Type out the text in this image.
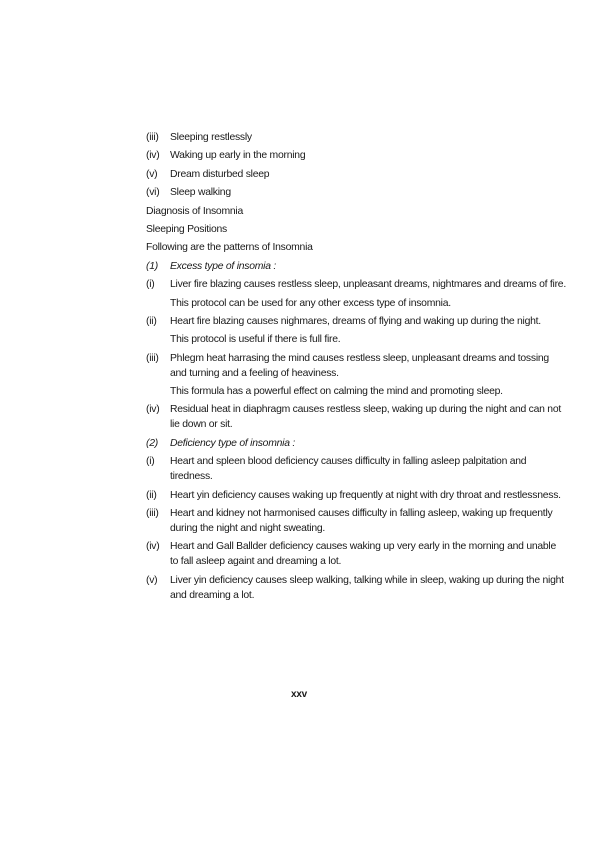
(iii)	Sleeping restlessly
(iv)	Waking up early in the morning
(v)	Dream disturbed sleep
(vi)	Sleep walking
Diagnosis of Insomnia
Sleeping Positions
Following are the patterns of Insomnia
(1)	Excess type of insomia :
(i)	Liver fire blazing causes restless sleep, unpleasant dreams, nightmares and dreams of fire.
This protocol can be used for any other excess type of insomnia.
(ii)	Heart fire blazing causes nighmares, dreams of flying and waking up during the night.
This protocol is useful if there is full fire.
(iii)	Phlegm heat harrasing the mind causes restless sleep, unpleasant dreams and tossing and turning and a feeling of heaviness.
This formula has a powerful effect on calming the mind and promoting sleep.
(iv)	Residual heat in diaphragm causes restless sleep, waking up during the night and can not lie down or sit.
(2)	Deficiency type of insomnia :
(i)	Heart and spleen blood deficiency causes difficulty in falling asleep palpitation and tiredness.
(ii)	Heart yin deficiency causes waking up frequently at night with dry throat and restlessness.
(iii)	Heart and kidney not harmonised causes difficulty in falling asleep, waking up frequently during the night and night sweating.
(iv)	Heart and Gall Ballder deficiency causes waking up very early in the morning and unable to fall asleep againt and dreaming a lot.
(v)	Liver yin deficiency causes sleep walking, talking while in sleep, waking up during the night and dreaming a lot.
xxv
